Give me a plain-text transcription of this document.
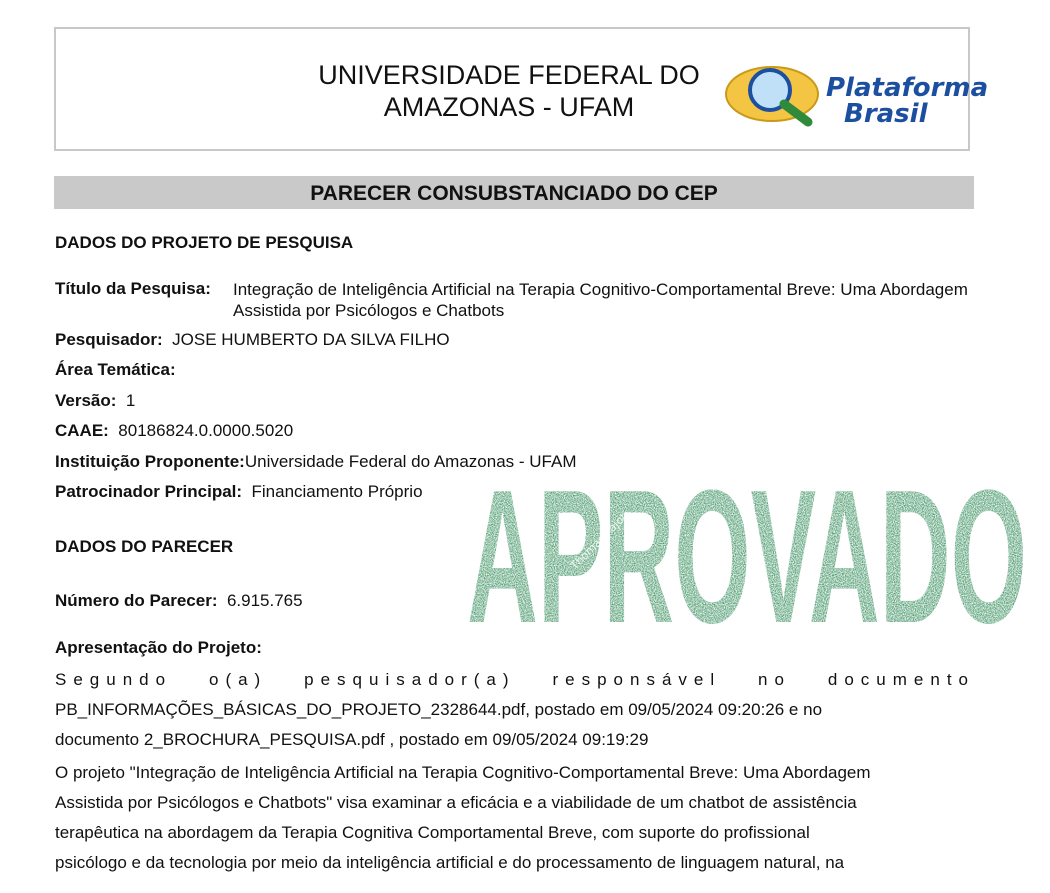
UNIVERSIDADE FEDERAL DO
AMAZONAS - UFAM
Plataforma
Brasil
PARECER CONSUBSTANCIADO DO CEP
DADOS DO PROJETO DE PESQUISA
Título da Pesquisa: Integração de Inteligência Artificial na Terapia Cognitivo-Comportamental Breve: Uma Abordagem Assistida por Psicólogos e Chatbots
Pesquisador: JOSE HUMBERTO DA SILVA FILHO
Área Temática:
Versão: 1
CAAE: 80186824.0.0000.5020
Instituição Proponente:Universidade Federal do Amazonas - UFAM
Patrocinador Principal: Financiamento Próprio
DADOS DO PARECER
Número do Parecer: 6.915.765
Apresentação do Projeto:
Segundo o(a) pesquisador(a) responsável no documento
PB_INFORMAÇÕES_BÁSICAS_DO_PROJETO_2328644.pdf, postado em 09/05/2024 09:20:26 e no
documento 2_BROCHURA_PESQUISA.pdf , postado em 09/05/2024 09:19:29
O projeto "Integração de Inteligência Artificial na Terapia Cognitivo-Comportamental Breve: Uma Abordagem
Assistida por Psicólogos e Chatbots" visa examinar a eficácia e a viabilidade de um chatbot de assistência
terapêutica na abordagem da Terapia Cognitiva Comportamental Breve, com suporte do profissional
psicólogo e da tecnologia por meio da inteligência artificial e do processamento de linguagem natural, na
APROVADO
Thomas Pajot
